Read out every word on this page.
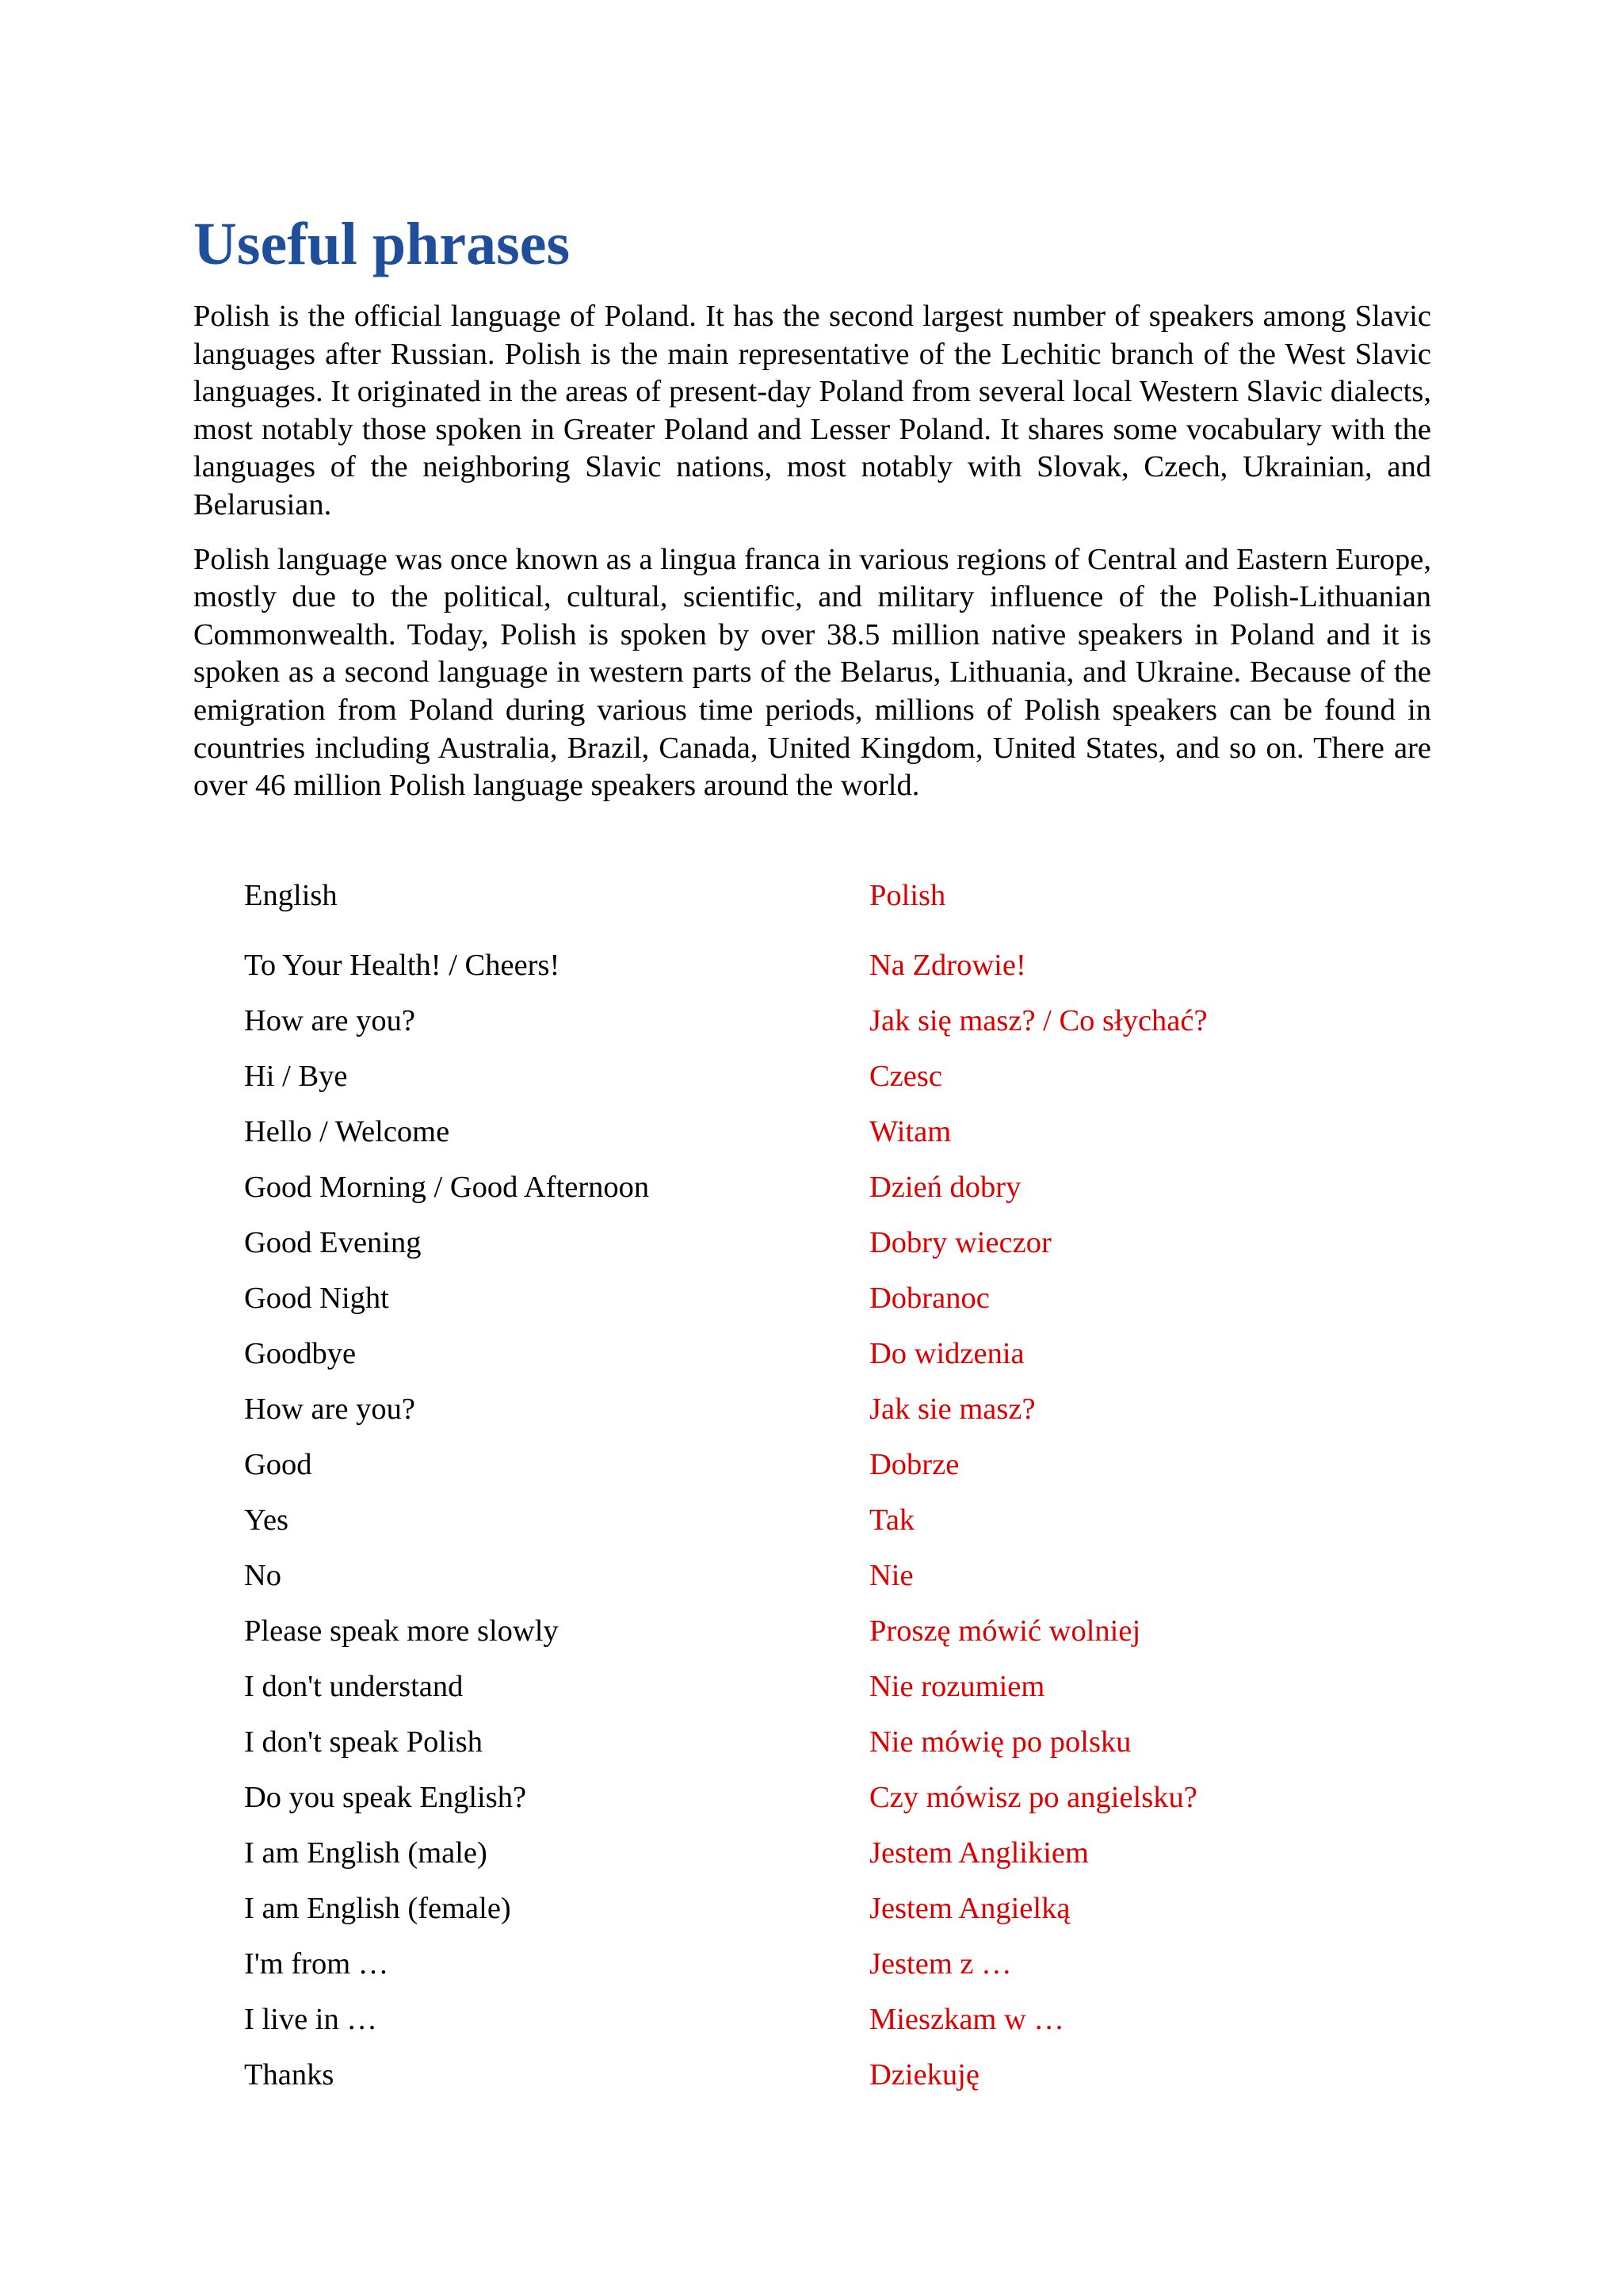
Useful phrases

Polish is the official language of Poland. It has the second largest number of speakers among Slavic languages after Russian. Polish is the main representative of the Lechitic branch of the West Slavic languages. It originated in the areas of present-day Poland from several local Western Slavic dialects, most notably those spoken in Greater Poland and Lesser Poland. It shares some vocabulary with the languages of the neighboring Slavic nations, most notably with Slovak, Czech, Ukrainian, and Belarusian.

Polish language was once known as a lingua franca in various regions of Central and Eastern Europe, mostly due to the political, cultural, scientific, and military influence of the Polish-Lithuanian Commonwealth. Today, Polish is spoken by over 38.5 million native speakers in Poland and it is spoken as a second language in western parts of the Belarus, Lithuania, and Ukraine. Because of the emigration from Poland during various time periods, millions of Polish speakers can be found in countries including Australia, Brazil, Canada, United Kingdom, United States, and so on. There are over 46 million Polish language speakers around the world.

English	Polish
To Your Health! / Cheers!	Na Zdrowie!
How are you?	Jak się masz? / Co słychać?
Hi / Bye	Czesc
Hello / Welcome	Witam
Good Morning / Good Afternoon	Dzień dobry
Good Evening	Dobry wieczor
Good Night	Dobranoc
Goodbye	Do widzenia
How are you?	Jak sie masz?
Good	Dobrze
Yes	Tak
No	Nie
Please speak more slowly	Proszę mówić wolniej
I don't understand	Nie rozumiem
I don't speak Polish	Nie mówię po polsku
Do you speak English?	Czy mówisz po angielsku?
I am English (male)	Jestem Anglikiem
I am English (female)	Jestem Angielką
I'm from …	Jestem z …
I live in …	Mieszkam w …
Thanks	Dziekuję
